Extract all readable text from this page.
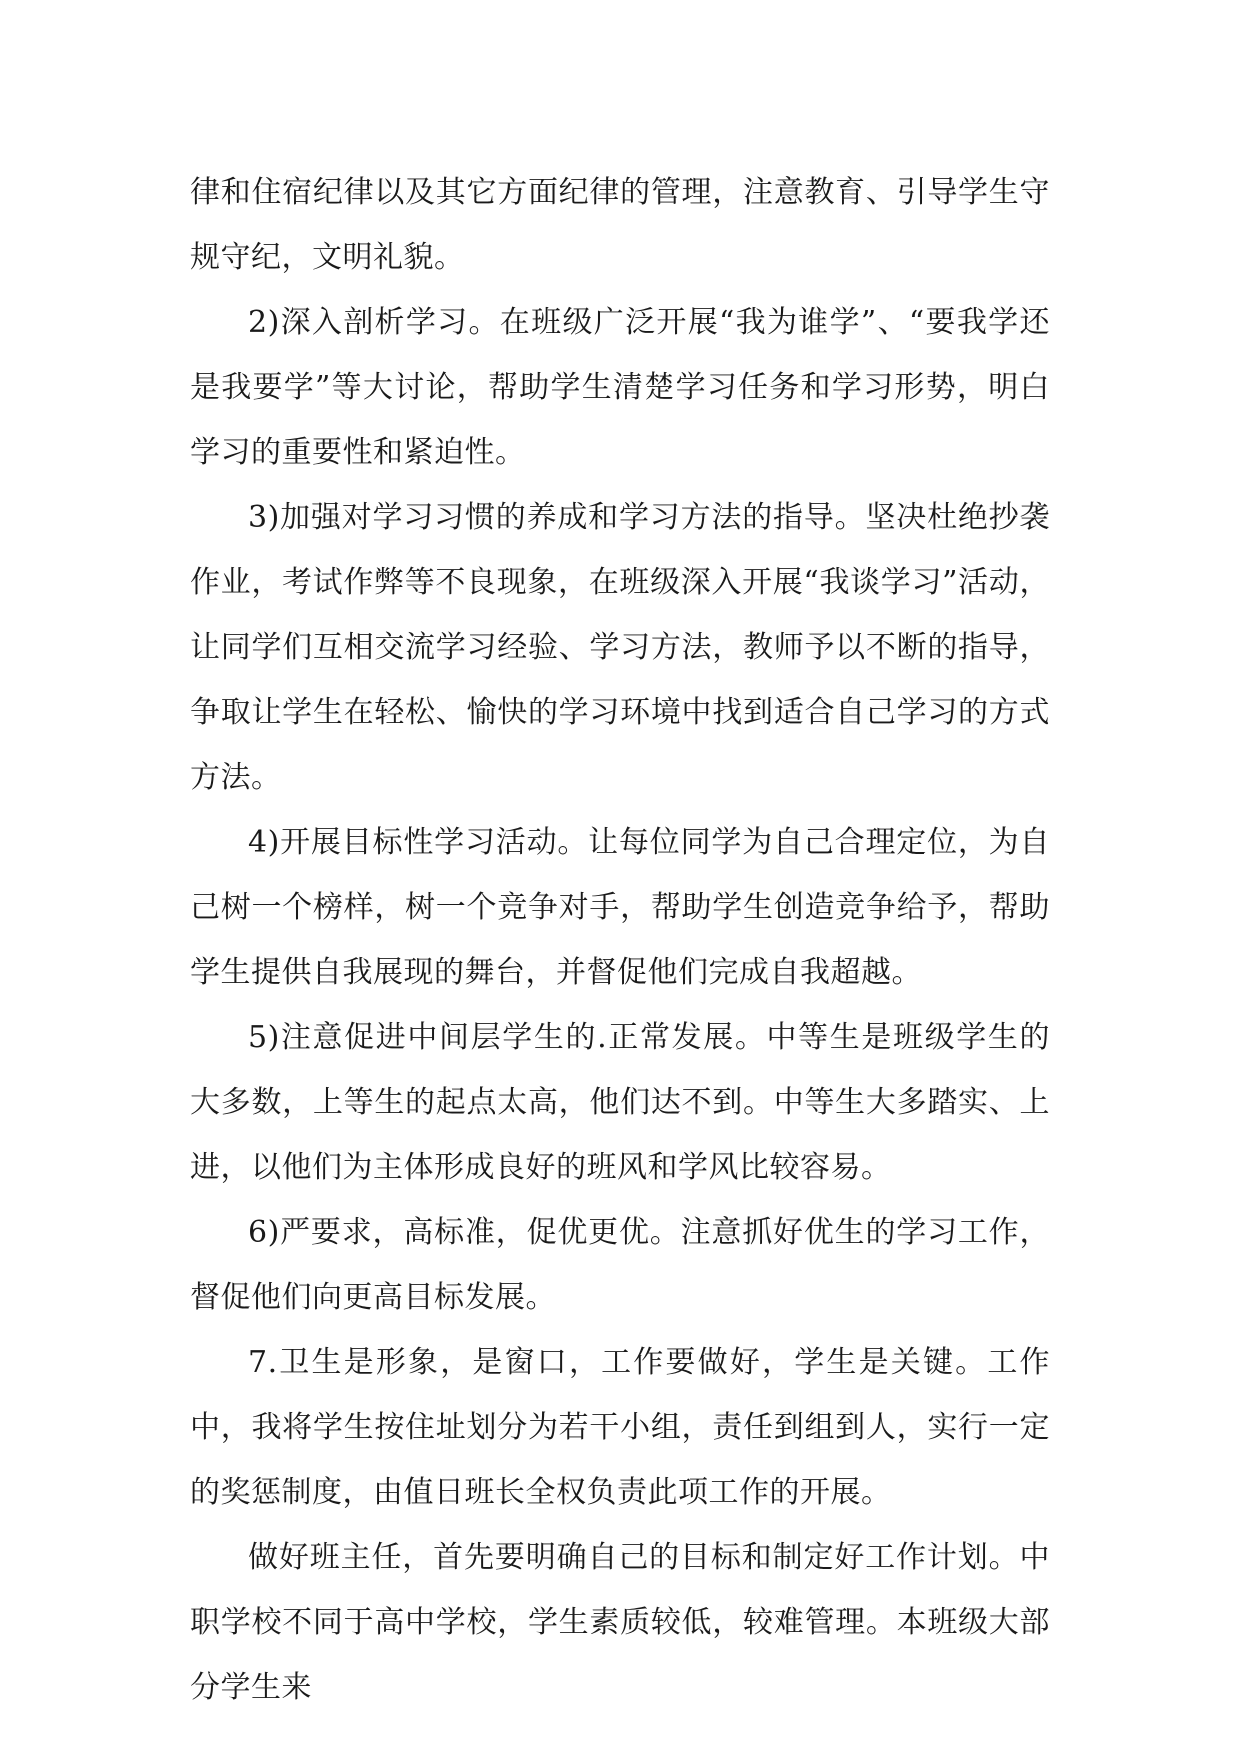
律和住宿纪律以及其它方面纪律的管理，注意教育、引导学生守规守纪，文明礼貌。

2)深入剖析学习。在班级广泛开展“我为谁学”、“要我学还是我要学”等大讨论，帮助学生清楚学习任务和学习形势，明白学习的重要性和紧迫性。

3)加强对学习习惯的养成和学习方法的指导。坚决杜绝抄袭作业，考试作弊等不良现象，在班级深入开展“我谈学习”活动，让同学们互相交流学习经验、学习方法，教师予以不断的指导，争取让学生在轻松、愉快的学习环境中找到适合自己学习的方式方法。

4)开展目标性学习活动。让每位同学为自己合理定位，为自己树一个榜样，树一个竞争对手，帮助学生创造竞争给予，帮助学生提供自我展现的舞台，并督促他们完成自我超越。

5)注意促进中间层学生的.正常发展。中等生是班级学生的大多数，上等生的起点太高，他们达不到。中等生大多踏实、上进，以他们为主体形成良好的班风和学风比较容易。

6)严要求，高标准，促优更优。注意抓好优生的学习工作，督促他们向更高目标发展。

7.卫生是形象，是窗口，工作要做好，学生是关键。工作中，我将学生按住址划分为若干小组，责任到组到人，实行一定的奖惩制度，由值日班长全权负责此项工作的开展。

做好班主任，首先要明确自己的目标和制定好工作计划。中职学校不同于高中学校，学生素质较低，较难管理。本班级大部分学生来
